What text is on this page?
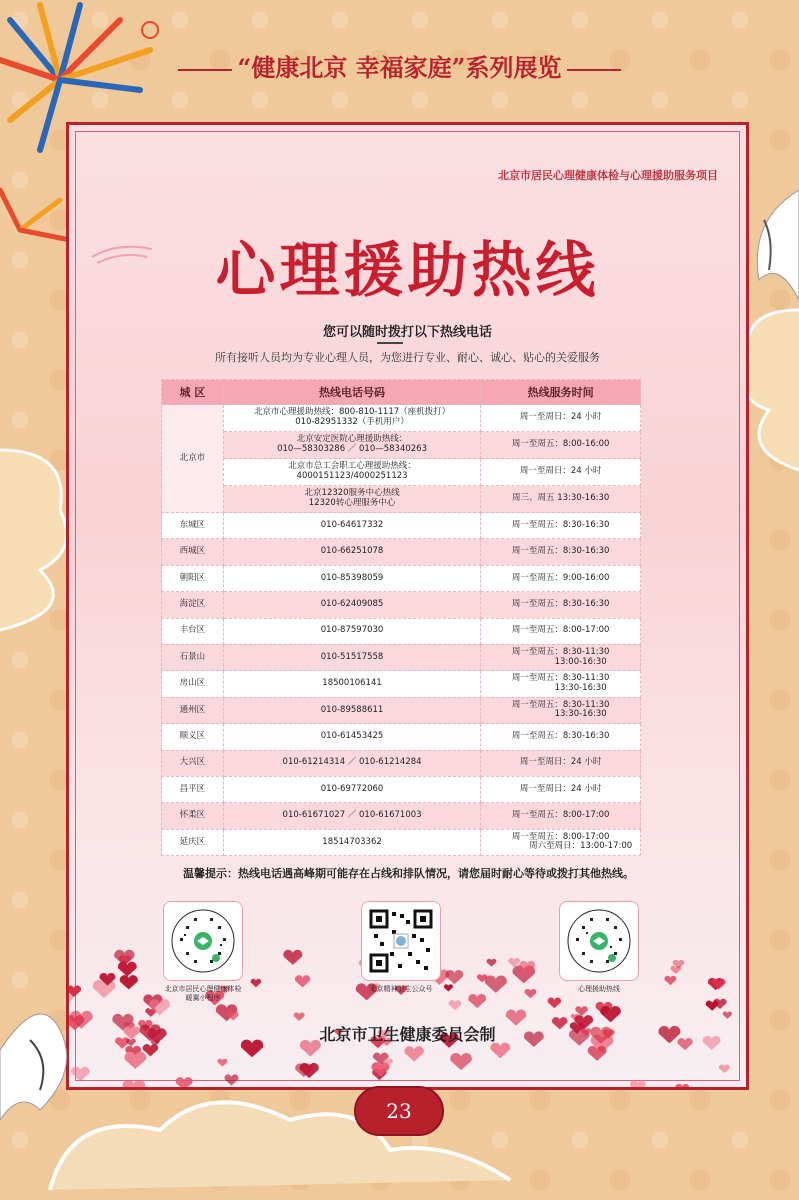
“健康北京 幸福家庭”系列展览
北京市居民心理健康体检与心理援助服务项目
心理援助热线
您可以随时拨打以下热线电话
所有接听人员均为专业心理人员，为您进行专业、耐心、诚心、贴心的关爱服务
城 区	热线电话号码	热线服务时间
北京市	北京市心理援助热线：800-810-1117（座机拨打）
010-82951332（手机用户）	周一至周日：24 小时

	北京安定医院心理援助热线：
010—58303286 ／ 010—58340263	周一至周五：8:00-16:00

	北京市总工会职工心理援助热线：
4000151123/4000251123	周一至周日：24 小时

	北京12320服务中心热线
12320转心理服务中心	周三、周五 13:30-16:30

东城区	010-64617332	周一至周五：8:30-16:30

西城区	010-66251078	周一至周五：8:30-16:30

朝阳区	010-85398059	周一至周五：9:00-16:00

海淀区	010-62409085	周一至周五：8:30-16:30

丰台区	010-87597030	周一至周五：8:00-17:00

石景山	010-51517558	周一至周五：8:30-11:30
13:00-16:30

房山区	18500106141	周一至周五：8:30-11:30
13:30-16:30

通州区	010-89588611	周一至周五：8:30-11:30
13:30-16:30

顺义区	010-61453425	周一至周五：8:30-16:30

大兴区	010-61214314 ／ 010-61214284	周一至周日：24 小时

昌平区	010-69772060	周一至周日：24 小时

怀柔区	010-61671027 ／ 010-61671003	周一至周五：8:00-17:00

延庆区	18514703362	周一至周五：8:00-17:00
周六至周日：13:00-17:00
温馨提示：热线电话遇高峰期可能存在占线和排队情况，请您届时耐心等待或拨打其他热线。
北京市居民心理健康体检
暖翼小程序
北京精神卫生公众号	心理援助热线
北京市卫生健康委员会制
23
